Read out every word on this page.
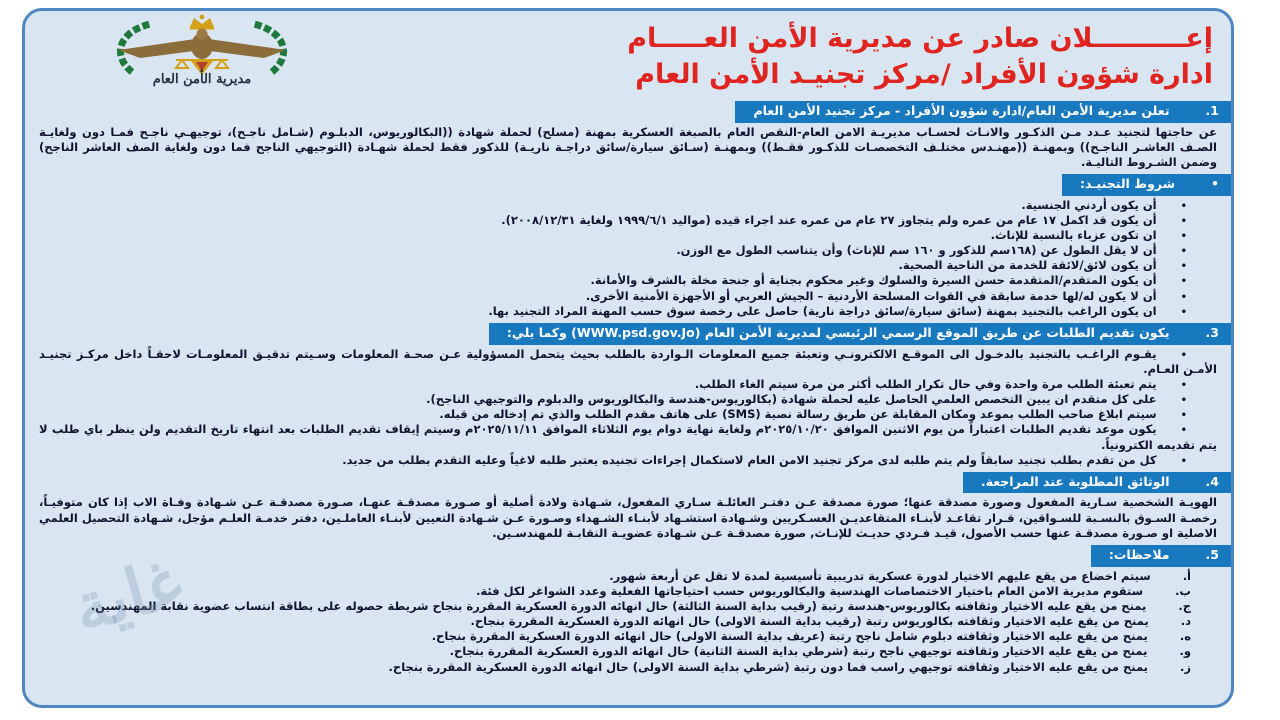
مديرية الأمن العام
إعــــــــــلان صادر عن مديرية الأمن العـــــام
ادارة شؤون الأفراد /مركز تجنيـد الأمن العام
1.
تعلن مديرية الأمن العام/ادارة شؤون الأفراد - مركز تجنيد الأمن العام

عن حاجتها لتجنيد عـدد مـن الذكـور والانـاث لحسـاب مديريـة الامن العام-النقص العام بالصبغة العسكرية بمهنة (مسلح) لحملة شهادة ((البكالوريوس، الدبلـوم (شـامل ناجـح)، توجيهـي ناجـح فمـا دون ولغايـة الصـف العاشـر الناجـح)) وبمهنـة ((مهنـدس مختلـف التخصصـات للذكـور فقـط)) وبمهنـة (سـائق سيارة/سائق دراجـة ناريـة) للذكور فقط لحملة شهـادة (التوجيهي الناجح فما دون ولغاية الصف العاشر الناجح) وضمن الشـروط التاليـة.

•
شروط التجنيـد:

•أن يكون أردني الجنسية.

•أن يكون قد اكمل ١٧ عام من عمره ولم يتجاوز ٢٧ عام من عمره عند اجراء قيده (مواليد ١٩٩٩/٦/١ ولغاية ٢٠٠٨/١٢/٣١).

•ان تكون عزباء بالنسبة للإناث.

•أن لا يقل الطول عن (١٦٨سم للذكور و ١٦٠ سم للإناث) وأن يتناسب الطول مع الوزن.

•أن يكون لائق/لائقة للخدمة من الناحية الصحية.

•أن يكون المتقدم/المتقدمة حسن السيرة والسلوك وغير محكوم بجناية أو جنحة مخلة بالشرف والأمانة.

•أن لا يكون له/لها خدمة سابقة في القوات المسلحة الأردنية – الجيش العربي أو الأجهزة الأمنية الأخرى.

•ان يكون الراغب بالتجنيد بمهنة (سائق سيارة/سائق دراجة نارية) حاصل على رخصة سوق حسب المهنة المراد التجنيد بها.

3.
يكون تقديم الطلبات عن طريق الموقع الرسمي الرئيسي لمديرية الأمن العام (WWW.psd.gov.Jo) وكما يلي:

•يقـوم الراغـب بالتجنيد بالدخـول الى الموقـع الالكترونـي وتعبئة جميع المعلومات الـواردة بالطلب بحيث يتحمل المسؤولية عـن صحـة المعلومات وسـيتم تدقيـق المعلومـات لاحقـاً داخل مركـز تجنيـد الأمـن العـام.

•يتم تعبئة الطلب مرة واحدة وفي حال تكرار الطلب أكثر من مرة سيتم الغاء الطلب.

•على كل متقدم ان يبين التخصص العلمي الحاصل عليه لحملة شهادة (بكالوريوس-هندسة والبكالوريوس والدبلوم والتوجيهي الناجح).

•سيتم ابلاغ صاحب الطلب بموعد ومكان المقابلة عن طريق رسالة نصية (SMS) على هاتف مقدم الطلب والذي تم إدخاله من قبله.

•يكون موعد تقديم الطلبات اعتباراً من يوم الاثنين الموافق ٢٠٢٥/١٠/٢٠م ولغاية نهاية دوام يوم الثلاثاء الموافق ٢٠٢٥/١١/١١م وسيتم إيقاف تقديم الطلبات بعد انتهاء تاريخ التقديم ولن ينظر باي طلب لا يتم تقديمه الكترونياً.

•كل من تقدم بطلب تجنيد سابقاً ولم يتم طلبه لدى مركز تجنيد الامن العام لاستكمال إجراءات تجنيده يعتبر طلبه لاغياً وعليه التقدم بطلب من جديد.

4.
الوثائق المطلوبة عند المراجعة.

الهويـة الشخصية سـارية المفعول وصورة مصدقة عنها؛ صورة مصدقة عـن دفتـر العائلـة سـاري المفعول، شـهادة ولادة أصلية أو صـورة مصدقـة عنهـا، صـورة مصدقـة عـن شـهادة وفـاة الاب إذا كان متوفيـاً، رخصـة السـوق بالنسـبة للسـواقين، قـرار تقاعـد لأبنـاء المتقاعديـن العسـكريين وشـهادة استشـهاد لأبنـاء الشـهداء وصـورة عـن شـهادة التعيين لأبنـاء العاملـين، دفتر خدمـة العلـم مؤجل، شـهادة التحصيل العلمي الاصلية او صـورة مصدقـة عنها حسب الأصول، قيـد فـردي حديـث للإنـاث, صورة مصدقـة عـن شـهادة عضويـة النقابـة للمهندسـين.

5.
ملاحظات:

أ.سيتم اخضاع من يقع عليهم الاختيار لدورة عسكرية تدريبية تأسيسية لمدة لا تقل عن أربعة شهور.

ب.ستقوم مديرية الامن العام باختيار الاختصاصات الهندسية والبكالوريوس حسب احتياجاتها الفعلية وعدد الشواغر لكل فئة.

ج.يمنح من يقع عليه الاختيار وثقافته بكالوريوس-هندسة رتبة (رقيب بداية السنة الثالثة) حال انهائه الدورة العسكرية المقررة بنجاح شريطة حصوله على بطاقة انتساب عضوية نقابة المهندسين.

د.يمنح من يقع عليه الاختيار وثقافته بكالوريوس رتبة (رقيب بداية السنة الاولى) حال انهائه الدورة العسكرية المقررة بنجاح.

ه.يمنح من يقع عليه الاختيار وثقافته دبلوم شامل ناجح رتبة (عريف بداية السنة الاولى) حال انهائه الدورة العسكرية المقررة بنجاح.

و.يمنح من يقع عليه الاختيار وثقافته توجيهي ناجح رتبة (شرطي بداية السنة الثانية) حال انهائه الدورة العسكرية المقررة بنجاح.

ز.يمنح من يقع عليه الاختيار وثقافته توجيهي راسب فما دون رتبة (شرطي بداية السنة الاولى) حال انهائه الدورة العسكرية المقررة بنجاح.

غاية
